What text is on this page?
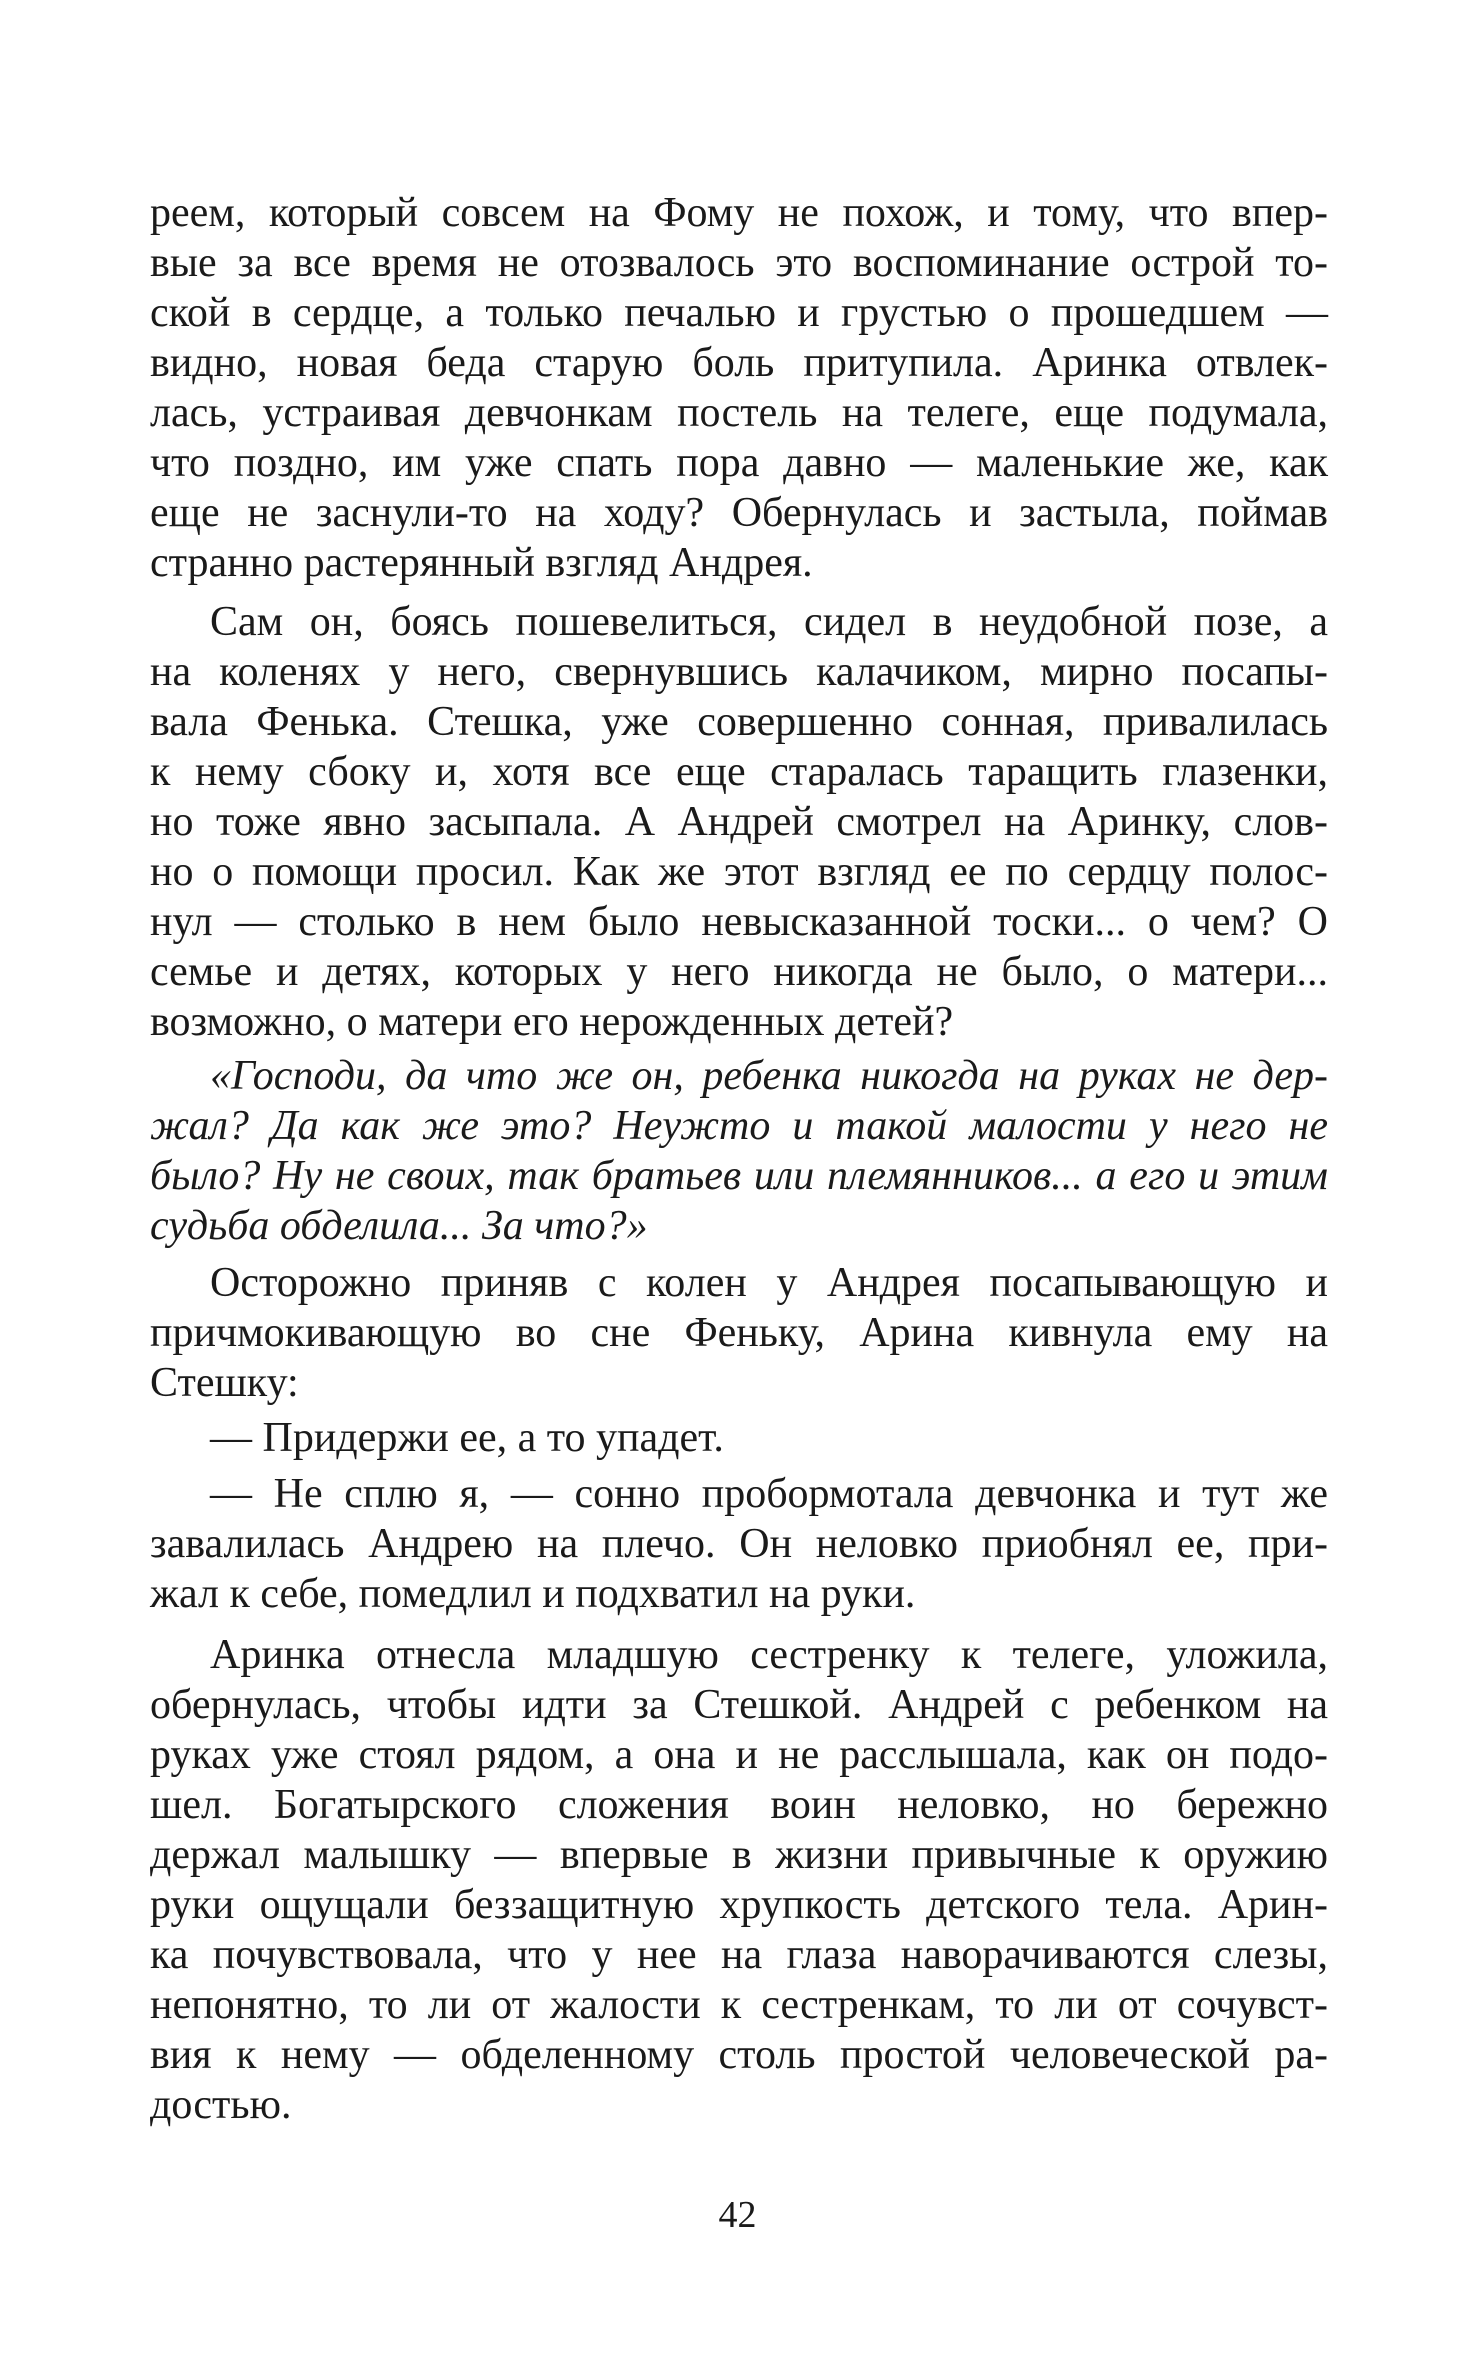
реем, который совсем на Фому не похож, и тому, что впер-
вые за все время не отозвалось это воспоминание острой то-
ской в сердце, а только печалью и грустью о прошедшем —
видно, новая беда старую боль притупила. Аринка отвлек-
лась, устраивая девчонкам постель на телеге, еще подумала,
что поздно, им уже спать пора давно — маленькие же, как
еще не заснули-то на ходу? Обернулась и застыла, поймав
странно растерянный взгляд Андрея.
Сам он, боясь пошевелиться, сидел в неудобной позе, а
на коленях у него, свернувшись калачиком, мирно посапы-
вала Фенька. Стешка, уже совершенно сонная, привалилась
к нему сбоку и, хотя все еще старалась таращить глазенки,
но тоже явно засыпала. А Андрей смотрел на Аринку, слов-
но о помощи просил. Как же этот взгляд ее по сердцу полос-
нул — столько в нем было невысказанной тоски... о чем? О
семье и детях, которых у него никогда не было, о матери...
возможно, о матери его нерожденных детей?
«Господи, да что же он, ребенка никогда на руках не дер-
жал? Да как же это? Неужто и такой малости у него не
было? Ну не своих, так братьев или племянников... а его и этим
судьба обделила... За что?»
Осторожно приняв с колен у Андрея посапывающую и
причмокивающую во сне Феньку, Арина кивнула ему на
Стешку:
— Придержи ее, а то упадет.
— Не сплю я, — сонно пробормотала девчонка и тут же
завалилась Андрею на плечо. Он неловко приобнял ее, при-
жал к себе, помедлил и подхватил на руки.
Аринка отнесла младшую сестренку к телеге, уложила,
обернулась, чтобы идти за Стешкой. Андрей с ребенком на
руках уже стоял рядом, а она и не расслышала, как он подо-
шел. Богатырского сложения воин неловко, но бережно
держал малышку — впервые в жизни привычные к оружию
руки ощущали беззащитную хрупкость детского тела. Арин-
ка почувствовала, что у нее на глаза наворачиваются слезы,
непонятно, то ли от жалости к сестренкам, то ли от сочувст-
вия к нему — обделенному столь простой человеческой ра-
достью.
42
